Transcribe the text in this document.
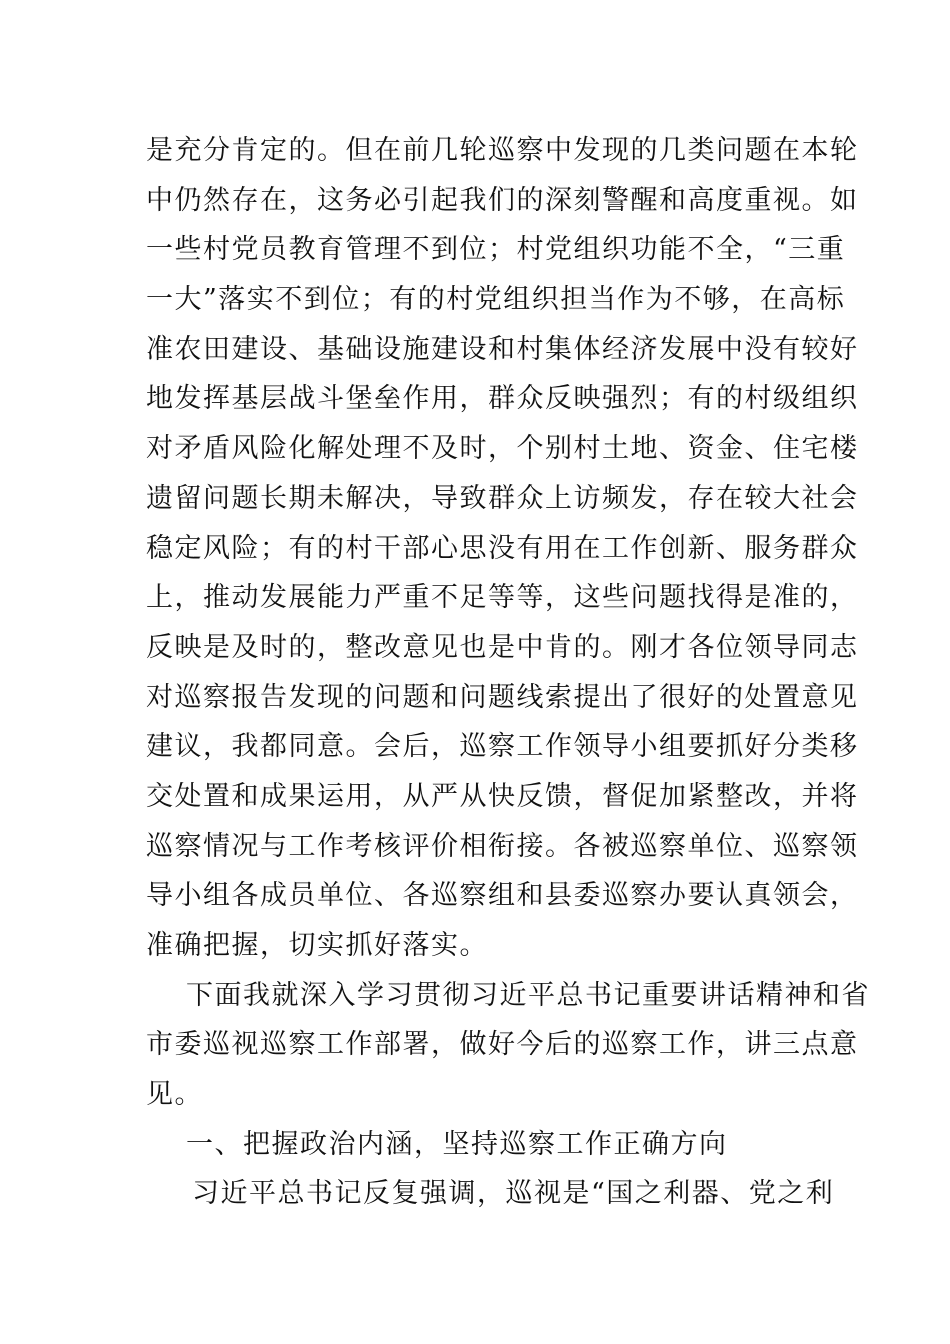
是充分肯定的。但在前几轮巡察中发现的几类问题在本轮
中仍然存在，这务必引起我们的深刻警醒和高度重视。如
一些村党员教育管理不到位；村党组织功能不全，“三重
一大”落实不到位；有的村党组织担当作为不够，在高标
准农田建设、基础设施建设和村集体经济发展中没有较好
地发挥基层战斗堡垒作用，群众反映强烈；有的村级组织
对矛盾风险化解处理不及时，个别村土地、资金、住宅楼
遗留问题长期未解决，导致群众上访频发，存在较大社会
稳定风险；有的村干部心思没有用在工作创新、服务群众
上，推动发展能力严重不足等等，这些问题找得是准的，
反映是及时的，整改意见也是中肯的。刚才各位领导同志
对巡察报告发现的问题和问题线索提出了很好的处置意见
建议，我都同意。会后，巡察工作领导小组要抓好分类移
交处置和成果运用，从严从快反馈，督促加紧整改，并将
巡察情况与工作考核评价相衔接。各被巡察单位、巡察领
导小组各成员单位、各巡察组和县委巡察办要认真领会，
准确把握，切实抓好落实。
下面我就深入学习贯彻习近平总书记重要讲话精神和省
市委巡视巡察工作部署，做好今后的巡察工作，讲三点意
见。
一、把握政治内涵，坚持巡察工作正确方向
习近平总书记反复强调，巡视是“国之利器、党之利
